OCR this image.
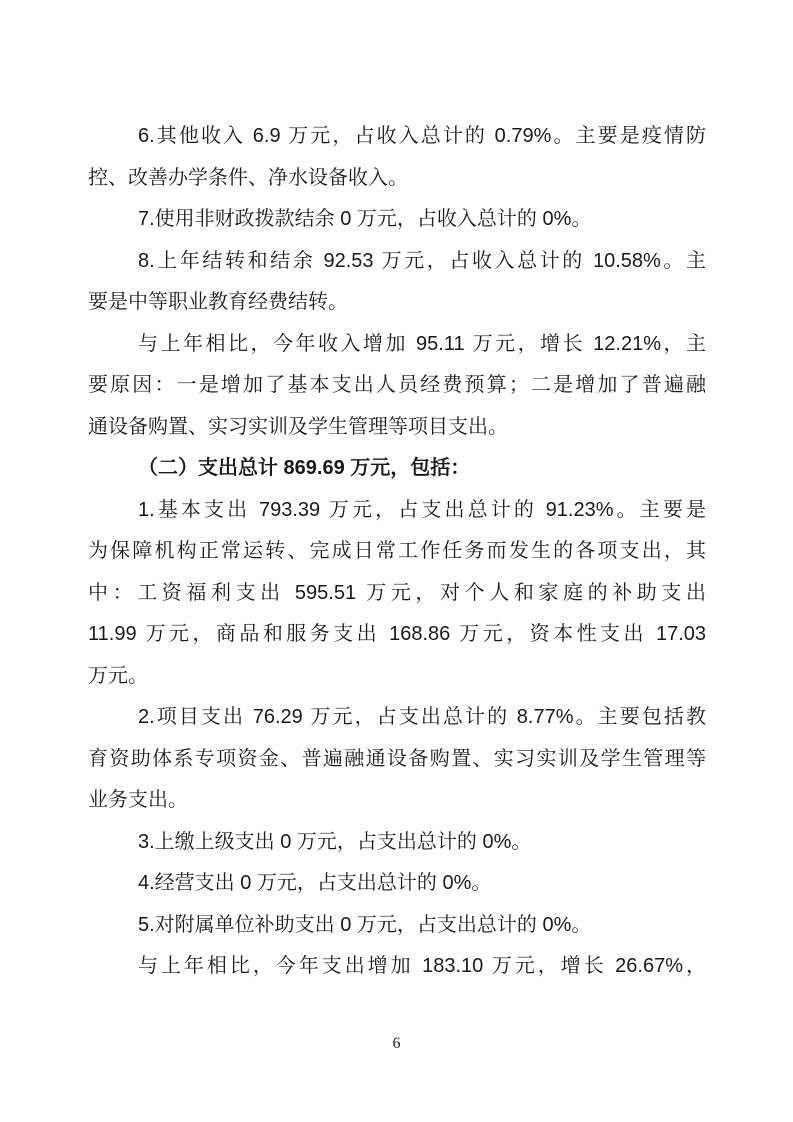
6.其他收入 6.9 万元，占收入总计的 0.79%。主要是疫情防
控、改善办学条件、净水设备收入。
7.使用非财政拨款结余 0 万元，占收入总计的 0%。
8.上年结转和结余 92.53 万元，占收入总计的 10.58%。主
要是中等职业教育经费结转。
与上年相比，今年收入增加 95.11 万元，增长 12.21%，主
要原因：一是增加了基本支出人员经费预算；二是增加了普遍融
通设备购置、实习实训及学生管理等项目支出。
（二）支出总计 869.69 万元，包括：
1.基本支出 793.39 万元，占支出总计的 91.23%。主要是
为保障机构正常运转、完成日常工作任务而发生的各项支出，其
中：工资福利支出 595.51 万元，对个人和家庭的补助支出
11.99 万元，商品和服务支出 168.86 万元，资本性支出 17.03
万元。
2.项目支出 76.29 万元，占支出总计的 8.77%。主要包括教
育资助体系专项资金、普遍融通设备购置、实习实训及学生管理等
业务支出。
3.上缴上级支出 0 万元，占支出总计的 0%。
4.经营支出 0 万元，占支出总计的 0%。
5.对附属单位补助支出 0 万元，占支出总计的 0%。
与上年相比，今年支出增加 183.10 万元，增长 26.67%，
6
